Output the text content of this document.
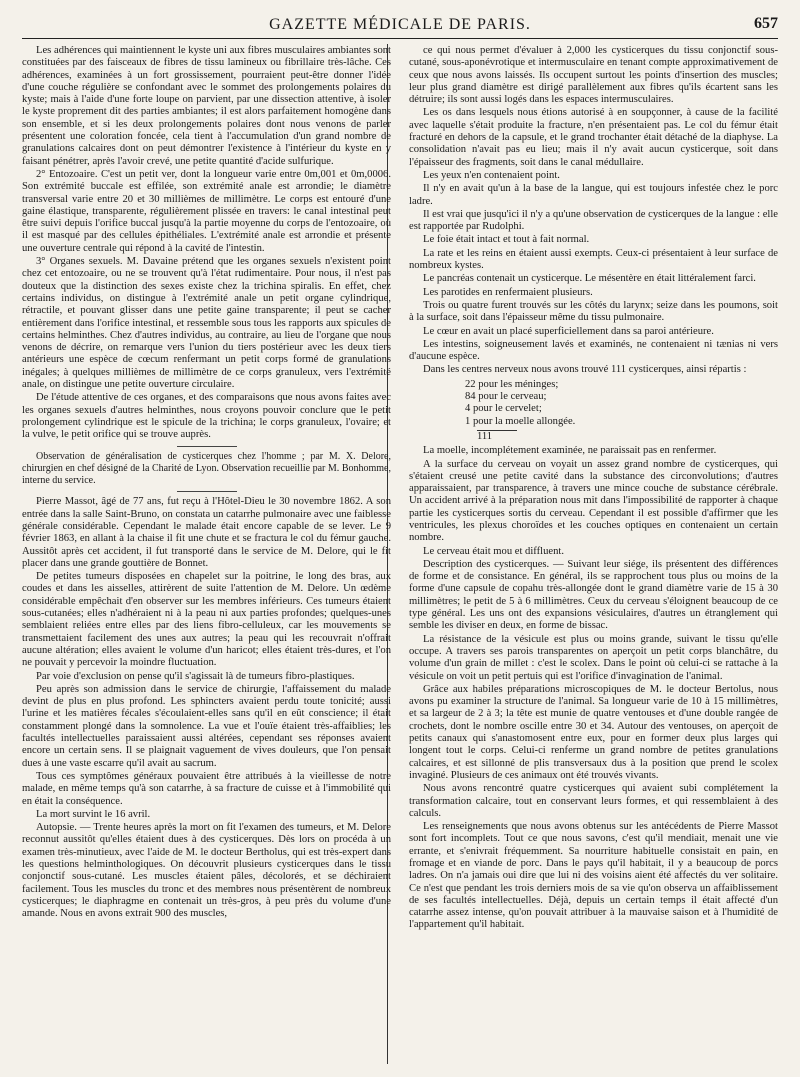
GAZETTE MÉDICALE DE PARIS.	657

Les adhérences qui maintiennent le kyste uni aux fibres musculaires ambiantes sont constituées par des faisceaux de fibres de tissu lamineux ou fibrillaire très-lâche. Ces adhérences, examinées à un fort grossissement, pourraient peut-être donner l'idée d'une couche régulière se confondant avec le sommet des prolongements polaires du kyste; mais à l'aide d'une forte loupe on parvient, par une dissection attentive, à isoler le kyste proprement dit des parties ambiantes; il est alors parfaitement homogène dans son ensemble, et si les deux prolongements polaires dont nous venons de parler présentent une coloration foncée, cela tient à l'accumulation d'un grand nombre de granulations calcaires dont on peut démontrer l'existence à l'intérieur du kyste en y faisant pénétrer, après l'avoir crevé, une petite quantité d'acide sulfurique.

2° Entozoaire. C'est un petit ver, dont la longueur varie entre 0m,001 et 0m,0006. Son extrémité buccale est effilée, son extrémité anale est arrondie; le diamètre transversal varie entre 20 et 30 millièmes de millimètre. Le corps est entouré d'une gaine élastique, transparente, régulièrement plissée en travers: le canal intestinal peut être suivi depuis l'orifice buccal jusqu'à la partie moyenne du corps de l'entozoaire, où il est masqué par des cellules épithéliales. L'extrémité anale est arrondie et présente une ouverture centrale qui répond à la cavité de l'intestin.

3° Organes sexuels. M. Davaine prétend que les organes sexuels n'existent point chez cet entozoaire, ou ne se trouvent qu'à l'état rudimentaire. Pour nous, il n'est pas douteux que la distinction des sexes existe chez la trichina spiralis. En effet, chez certains individus, on distingue à l'extrémité anale un petit organe cylindrique, rétractile, et pouvant glisser dans une petite gaine transparente; il peut se cacher entièrement dans l'orifice intestinal, et ressemble sous tous les rapports aux spicules de certains helminthes. Chez d'autres individus, au contraire, au lieu de l'organe que nous venons de décrire, on remarque vers l'union du tiers postérieur avec les deux tiers antérieurs une espèce de cœcum renfermant un petit corps formé de granulations inégales; à quelques millièmes de millimètre de ce corps granuleux, vers l'extrémité anale, on distingue une petite ouverture circulaire.

De l'étude attentive de ces organes, et des comparaisons que nous avons faites avec les organes sexuels d'autres helminthes, nous croyons pouvoir conclure que le petit prolongement cylindrique est le spicule de la trichina; le corps granuleux, l'ovaire; et la vulve, le petit orifice qui se trouve auprès.

Observation de généralisation de cysticerques chez l'homme ; par M. X. Delore, chirurgien en chef désigné de la Charité de Lyon. Observation recueillie par M. Bonhomme, interne du service.

Pierre Massot, âgé de 77 ans, fut reçu à l'Hôtel-Dieu le 30 novembre 1862. A son entrée dans la salle Saint-Bruno, on constata un catarrhe pulmonaire avec une faiblesse générale considérable. Cependant le malade était encore capable de se lever. Le 9 février 1863, en allant à la chaise il fit une chute et se fractura le col du fémur gauche. Aussitôt après cet accident, il fut transporté dans le service de M. Delore, qui le fit placer dans une grande gouttière de Bonnet.

De petites tumeurs disposées en chapelet sur la poitrine, le long des bras, aux coudes et dans les aisselles, attirèrent de suite l'attention de M. Delore. Un œdème considérable empêchait d'en observer sur les membres inférieurs. Ces tumeurs étaient sous-cutanées; elles n'adhéraient ni à la peau ni aux parties profondes; quelques-unes semblaient reliées entre elles par des liens fibro-celluleux, car les mouvements se transmettaient facilement des unes aux autres; la peau qui les recouvrait n'offrait aucune altération; elles avaient le volume d'un haricot; elles étaient très-dures, et l'on ne pouvait y percevoir la moindre fluctuation.

Par voie d'exclusion on pense qu'il s'agissait là de tumeurs fibro-plastiques.

Peu après son admission dans le service de chirurgie, l'affaissement du malade devint de plus en plus profond. Les sphincters avaient perdu toute tonicité; aussi l'urine et les matières fécales s'écoulaient-elles sans qu'il en eût conscience; il était constamment plongé dans la somnolence. La vue et l'ouïe étaient très-affaiblies; les facultés intellectuelles paraissaient aussi altérées, cependant ses réponses avaient encore un certain sens. Il se plaignait vaguement de vives douleurs, que l'on pensait dues à une vaste escarre qu'il avait au sacrum.

Tous ces symptômes généraux pouvaient être attribués à la vieillesse de notre malade, en même temps qu'à son catarrhe, à sa fracture de cuisse et à l'immobilité qui en était la conséquence.

La mort survint le 16 avril.

Autopsie. — Trente heures après la mort on fit l'examen des tumeurs, et M. Delore reconnut aussitôt qu'elles étaient dues à des cysticerques. Dès lors on procéda à un examen très-minutieux, avec l'aide de M. le docteur Bertholus, qui est très-expert dans les questions helminthologiques. On découvrit plusieurs cysticerques dans le tissu conjonctif sous-cutané. Les muscles étaient pâles, décolorés, et se déchiraient facilement. Tous les muscles du tronc et des membres nous présentèrent de nombreux cysticerques; le diaphragme en contenait un très-gros, à peu près du volume d'une amande. Nous en avons extrait 900 des muscles,

ce qui nous permet d'évaluer à 2,000 les cysticerques du tissu conjonctif sous-cutané, sous-aponévrotique et intermusculaire en tenant compte approximativement de ceux que nous avons laissés. Ils occupent surtout les points d'insertion des muscles; leur plus grand diamètre est dirigé parallèlement aux fibres qu'ils écartent sans les détruire; ils sont aussi logés dans les espaces intermusculaires.

Les os dans lesquels nous étions autorisé à en soupçonner, à cause de la facilité avec laquelle s'était produite la fracture, n'en présentaient pas. Le col du fémur était fracturé en dehors de la capsule, et le grand trochanter était détaché de la diaphyse. La consolidation n'avait pas eu lieu; mais il n'y avait aucun cysticerque, soit dans l'épaisseur des fragments, soit dans le canal médullaire.

Les yeux n'en contenaient point.

Il n'y en avait qu'un à la base de la langue, qui est toujours infestée chez le porc ladre.

Il est vrai que jusqu'ici il n'y a qu'une observation de cysticerques de la langue : elle est rapportée par Rudolphi.

Le foie était intact et tout à fait normal.

La rate et les reins en étaient aussi exempts. Ceux-ci présentaient à leur surface de nombreux kystes.

Le pancréas contenait un cysticerque. Le mésentère en était littéralement farci.

Les parotides en renfermaient plusieurs.

Trois ou quatre furent trouvés sur les côtés du larynx; seize dans les poumons, soit à la surface, soit dans l'épaisseur même du tissu pulmonaire.

Le cœur en avait un placé superficiellement dans sa paroi antérieure.

Les intestins, soigneusement lavés et examinés, ne contenaient ni tænias ni vers d'aucune espèce.

Dans les centres nerveux nous avons trouvé 111 cysticerques, ainsi répartis :

22 pour les méninges;
84 pour le cerveau;
4 pour le cervelet;
1 pour la moelle allongée.
111

La moelle, incomplétement examinée, ne paraissait pas en renfermer.

A la surface du cerveau on voyait un assez grand nombre de cysticerques, qui s'étaient creusé une petite cavité dans la substance des circonvolutions; d'autres apparaissaient, par transparence, à travers une mince couche de substance cérébrale. Un accident arrivé à la préparation nous mit dans l'impossibilité de rapporter à chaque partie les cysticerques sortis du cerveau. Cependant il est possible d'affirmer que les ventricules, les plexus choroïdes et les couches optiques en contenaient un certain nombre.

Le cerveau était mou et diffluent.

Description des cysticerques. — Suivant leur siége, ils présentent des différences de forme et de consistance. En général, ils se rapprochent tous plus ou moins de la forme d'une capsule de copahu très-allongée dont le grand diamètre varie de 15 à 30 millimètres; le petit de 5 à 6 millimètres. Ceux du cerveau s'éloignent beaucoup de ce type général. Les uns ont des expansions vésiculaires, d'autres un étranglement qui semble les diviser en deux, en forme de bissac.

La résistance de la vésicule est plus ou moins grande, suivant le tissu qu'elle occupe. A travers ses parois transparentes on aperçoit un petit corps blanchâtre, du volume d'un grain de millet : c'est le scolex. Dans le point où celui-ci se rattache à la vésicule on voit un petit pertuis qui est l'orifice d'invagination de l'animal.

Grâce aux habiles préparations microscopiques de M. le docteur Bertolus, nous avons pu examiner la structure de l'animal. Sa longueur varie de 10 à 15 millimètres, et sa largeur de 2 à 3; la tête est munie de quatre ventouses et d'une double rangée de crochets, dont le nombre oscille entre 30 et 34. Autour des ventouses, on aperçoit de petits canaux qui s'anastomosent entre eux, pour en former deux plus larges qui longent tout le corps. Celui-ci renferme un grand nombre de petites granulations calcaires, et est sillonné de plis transversaux dus à la position que prend le scolex invaginé. Plusieurs de ces animaux ont été trouvés vivants.

Nous avons rencontré quatre cysticerques qui avaient subi complétement la transformation calcaire, tout en conservant leurs formes, et qui ressemblaient à des calculs.

Les renseignements que nous avons obtenus sur les antécédents de Pierre Massot sont fort incomplets. Tout ce que nous savons, c'est qu'il mendiait, menait une vie errante, et s'enivrait fréquemment. Sa nourriture habituelle consistait en pain, en fromage et en viande de porc. Dans le pays qu'il habitait, il y a beaucoup de porcs ladres. On n'a jamais oui dire que lui ni des voisins aient été affectés du ver solitaire. Ce n'est que pendant les trois derniers mois de sa vie qu'on observa un affaiblissement de ses facultés intellectuelles. Déjà, depuis un certain temps il était affecté d'un catarrhe assez intense, qu'on pouvait attribuer à la mauvaise saison et à l'humidité de l'appartement qu'il habitait.
